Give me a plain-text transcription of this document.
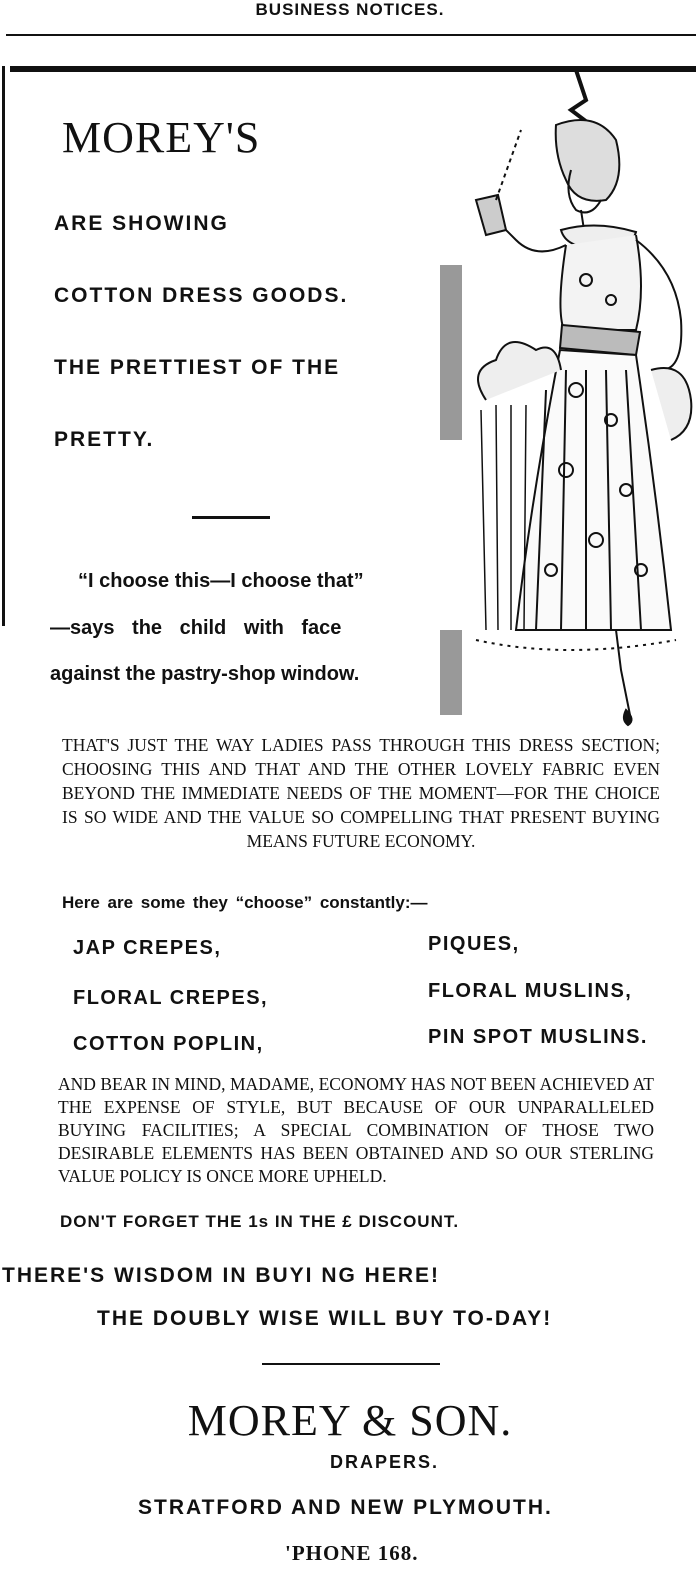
BUSINESS NOTICES.
MOREY'S
ARE SHOWING
COTTON DRESS GOODS.
THE PRETTIEST OF THE
PRETTY.
“I choose this—I choose that”
—says the child with face
against the pastry-shop window.
THAT'S JUST THE WAY LADIES PASS THROUGH THIS DRESS SECTION; CHOOSING THIS AND THAT AND THE OTHER LOVELY FABRIC EVEN BEYOND THE IMMEDIATE NEEDS OF THE MOMENT—FOR THE CHOICE IS SO WIDE AND THE VALUE SO COMPELLING THAT PRESENT BUYING MEANS FUTURE ECONOMY.
Here are some they “choose” constantly:—
JAP CREPES,
FLORAL CREPES,
COTTON POPLIN,
PIQUES,
FLORAL MUSLINS,
PIN SPOT MUSLINS.
AND BEAR IN MIND, MADAME, ECONOMY HAS NOT BEEN ACHIEVED AT THE EXPENSE OF STYLE, BUT BECAUSE OF OUR UNPARALLELED BUYING FACILITIES; A SPECIAL COMBINATION OF THOSE TWO DESIRABLE ELEMENTS HAS BEEN OBTAINED AND SO OUR STERLING VALUE POLICY IS ONCE MORE UPHELD.
DON'T FORGET THE 1s IN THE £ DISCOUNT.
THERE'S WISDOM IN BUYI NG HERE!
THE DOUBLY WISE WILL BUY TO-DAY!
MOREY & SON.
DRAPERS.
STRATFORD AND NEW PLYMOUTH.
'PHONE 168.
